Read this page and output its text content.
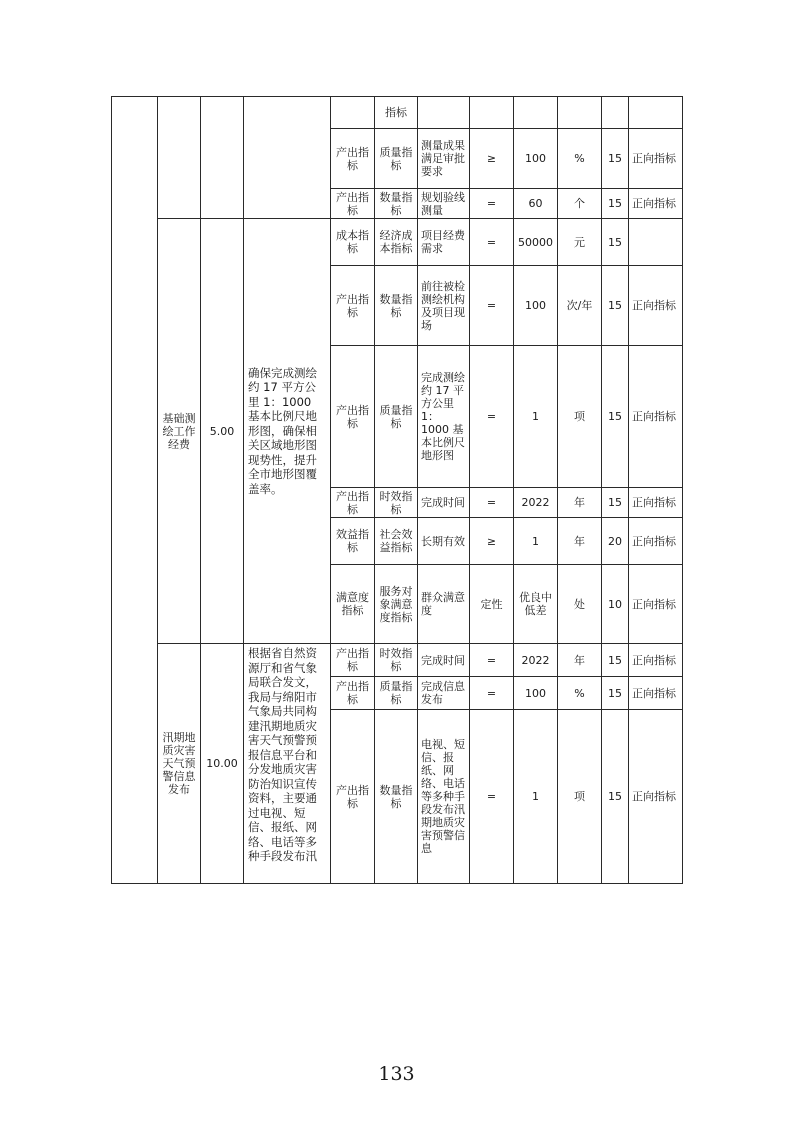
					指标						
				产出指标	质量指标	测量成果满足审批要求	≥	100	%	15	正向指标
				产出指标	数量指标	规划验线测量	=	60	个	15	正向指标
	基础测绘工作经费	5.00	确保完成测绘约 17 平方公里 1：1000 基本比例尺地形图，确保相关区域地形图现势性，提升全市地形图覆盖率。	成本指标	经济成本指标	项目经费需求	=	50000	元	15	
				产出指标	数量指标	前往被检测绘机构及项目现场	=	100	次/年	15	正向指标
				产出指标	质量指标	完成测绘约 17 平方公里 1：1000 基本比例尺地形图	=	1	项	15	正向指标
				产出指标	时效指标	完成时间	=	2022	年	15	正向指标
				效益指标	社会效益指标	长期有效	≥	1	年	20	正向指标
				满意度指标	服务对象满意度指标	群众满意度	定性	优良中低差	处	10	正向指标
	汛期地质灾害天气预警信息发布	10.00	根据省自然资源厅和省气象局联合发文，我局与绵阳市气象局共同构建汛期地质灾害天气预警预报信息平台和分发地质灾害防治知识宣传资料，主要通过电视、短信、报纸、网络、电话等多种手段发布汛	产出指标	时效指标	完成时间	=	2022	年	15	正向指标
				产出指标	质量指标	完成信息发布	=	100	%	15	正向指标
				产出指标	数量指标	电视、短信、报纸、网络、电话等多种手段发布汛期地质灾害预警信息	=	1	项	15	正向指标
133
